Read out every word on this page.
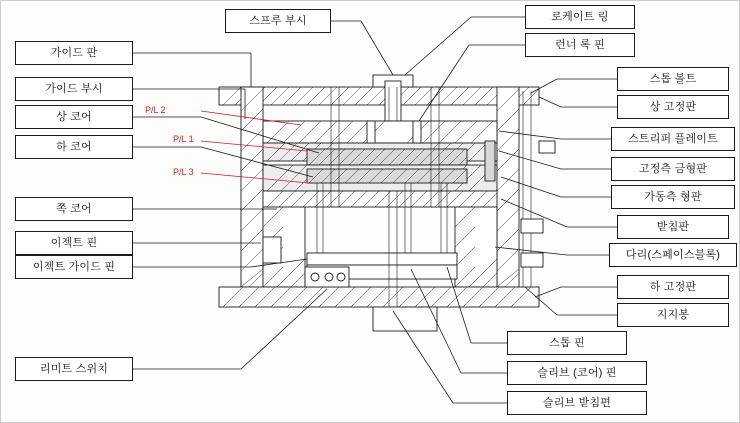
스프루 부시	로케이트 링
런너 록 핀
가이드 판
가이드 부시
상 코어
하 코어
쪽 코어
이젝트 핀
이젝트 가이드 핀
리미트 스위치
스톱 볼트
상 고정판
스트리퍼 플레이트
고정측 금형판
가동측 형판
받침판
다리(스페이스블록)
하 고정판
지지봉
스톱 핀
슬리브 (코어) 핀
슬리브 받침편
P/L 2
P/L 1
P/L 3
